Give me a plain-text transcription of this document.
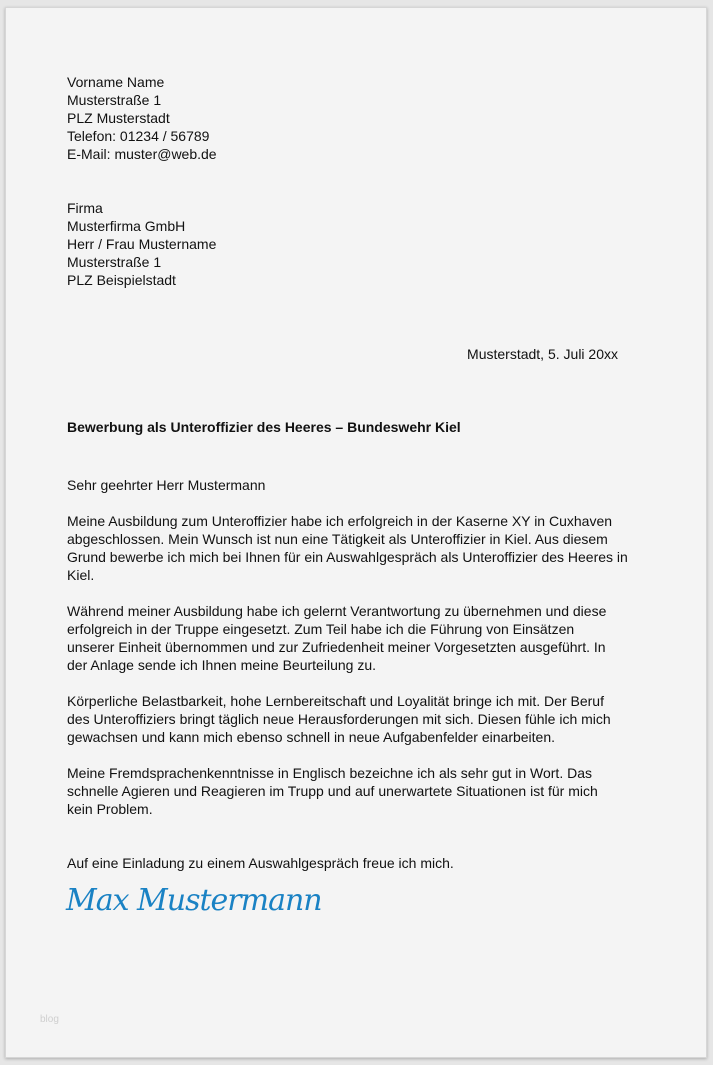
Vorname Name
Musterstraße 1
PLZ Musterstadt
Telefon: 01234 / 56789
E-Mail: muster@web.de
Firma
Musterfirma GmbH
Herr / Frau Mustername
Musterstraße 1
PLZ Beispielstadt
Musterstadt, 5. Juli 20xx
Bewerbung als Unteroffizier des Heeres – Bundeswehr Kiel
Sehr geehrter Herr Mustermann
Meine Ausbildung zum Unteroffizier habe ich erfolgreich in der Kaserne XY in Cuxhaven
abgeschlossen. Mein Wunsch ist nun eine Tätigkeit als Unteroffizier in Kiel. Aus diesem
Grund bewerbe ich mich bei Ihnen für ein Auswahlgespräch als Unteroffizier des Heeres in
Kiel.
Während meiner Ausbildung habe ich gelernt Verantwortung zu übernehmen und diese
erfolgreich in der Truppe eingesetzt. Zum Teil habe ich die Führung von Einsätzen
unserer Einheit übernommen und zur Zufriedenheit meiner Vorgesetzten ausgeführt. In
der Anlage sende ich Ihnen meine Beurteilung zu.
Körperliche Belastbarkeit, hohe Lernbereitschaft und Loyalität bringe ich mit. Der Beruf
des Unteroffiziers bringt täglich neue Herausforderungen mit sich. Diesen fühle ich mich
gewachsen und kann mich ebenso schnell in neue Aufgabenfelder einarbeiten.
Meine Fremdsprachenkenntnisse in Englisch bezeichne ich als sehr gut in Wort. Das
schnelle Agieren und Reagieren im Trupp und auf unerwartete Situationen ist für mich
kein Problem.
Auf eine Einladung zu einem Auswahlgespräch freue ich mich.
Max Mustermann
blog
